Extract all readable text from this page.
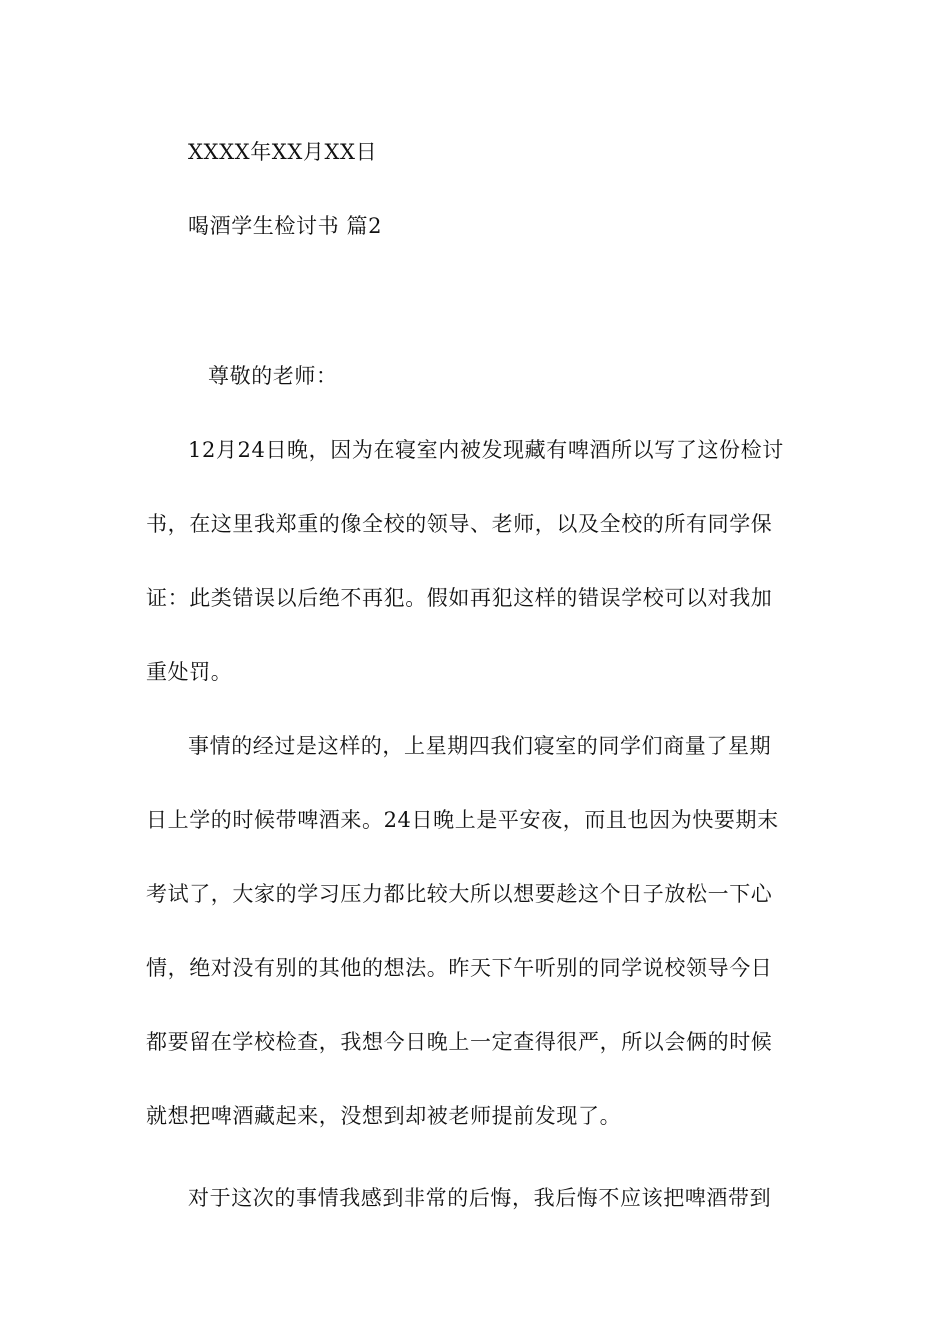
XXXX年XX月XX日
喝酒学生检讨书 篇2
尊敬的老师：
12月24日晚，因为在寝室内被发现藏有啤酒所以写了这份检讨
书，在这里我郑重的像全校的领导、老师，以及全校的所有同学保
证：此类错误以后绝不再犯。假如再犯这样的错误学校可以对我加
重处罚。
事情的经过是这样的，上星期四我们寝室的同学们商量了星期
日上学的时候带啤酒来。24日晚上是平安夜，而且也因为快要期末
考试了，大家的学习压力都比较大所以想要趁这个日子放松一下心
情，绝对没有别的其他的想法。昨天下午听别的同学说校领导今日
都要留在学校检查，我想今日晚上一定查得很严，所以会俩的时候
就想把啤酒藏起来，没想到却被老师提前发现了。
对于这次的事情我感到非常的后悔，我后悔不应该把啤酒带到
